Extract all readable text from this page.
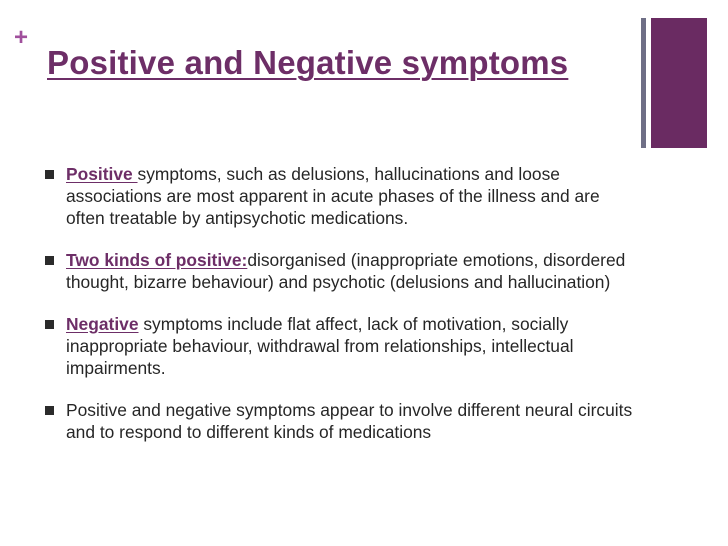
+
Positive and Negative symptoms
Positive symptoms, such as delusions, hallucinations and loose associations are most apparent in acute phases of the illness and are often treatable by antipsychotic medications.
Two kinds of positive:disorganised (inappropriate emotions, disordered thought, bizarre behaviour) and psychotic (delusions and hallucination)
Negative symptoms include flat affect, lack of motivation, socially inappropriate behaviour, withdrawal from relationships, intellectual impairments.
Positive and negative symptoms appear to involve different neural circuits and to respond to different kinds of medications
